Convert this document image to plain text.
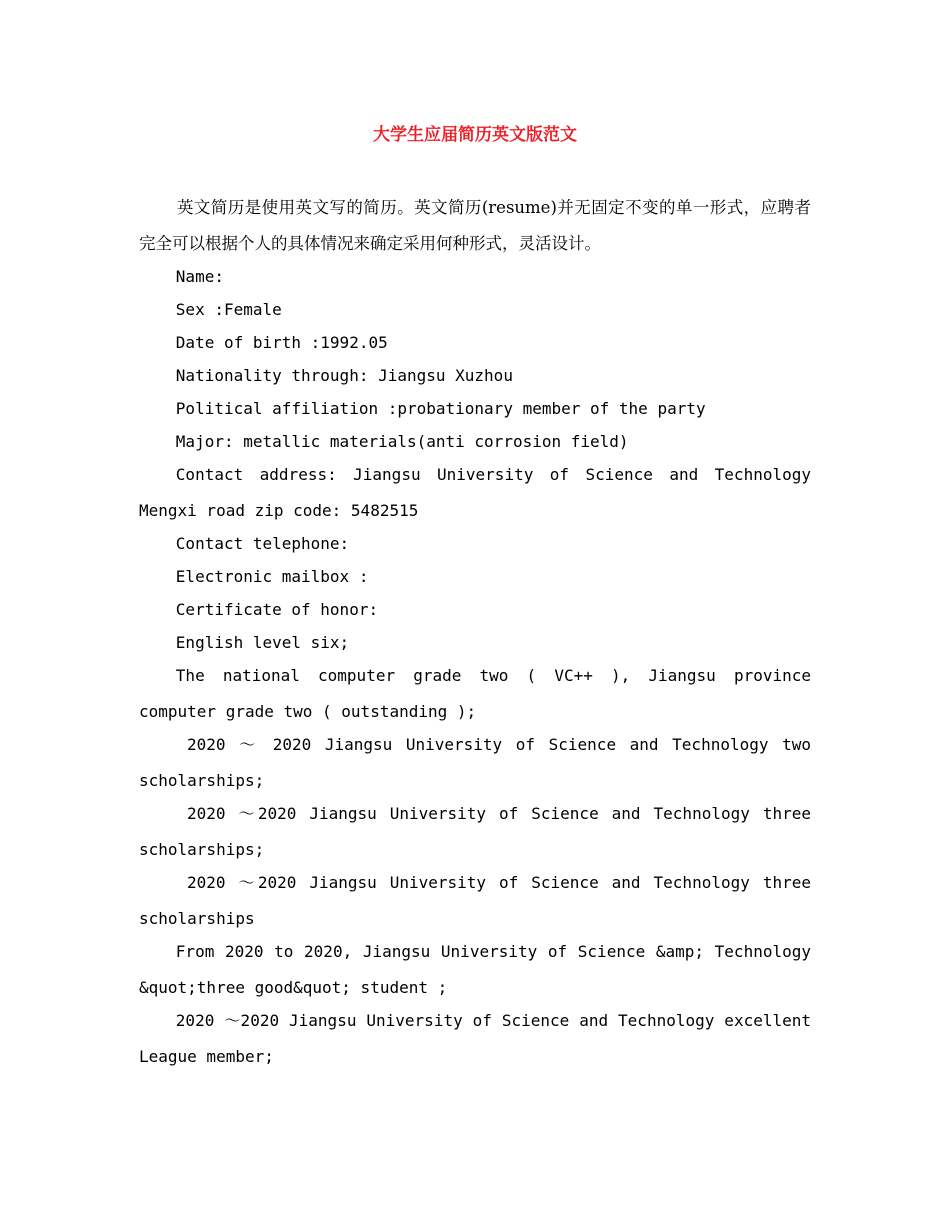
大学生应届简历英文版范文

英文简历是使用英文写的简历。英文简历(resume)并无固定不变的单一形式，应聘者完全可以根据个人的具体情况来确定采用何种形式，灵活设计。

Name:

Sex :Female

Date of birth :1992.05

Nationality through: Jiangsu Xuzhou

Political affiliation :probationary member of the party

Major: metallic materials(anti corrosion field)

Contact address: Jiangsu University of Science and Technology Mengxi road zip code: 5482515

Contact telephone:

Electronic mailbox :

Certificate of honor:

English level six;

The national computer grade two ( VC++ ), Jiangsu province computer grade two ( outstanding );

2020 ～ 2020 Jiangsu University of Science and Technology two scholarships;

2020 ～2020 Jiangsu University of Science and Technology three scholarships;

2020 ～2020 Jiangsu University of Science and Technology three scholarships

From 2020 to 2020, Jiangsu University of Science &amp; Technology &quot;three good&quot; student ;

2020 ～2020 Jiangsu University of Science and Technology excellent League member;
